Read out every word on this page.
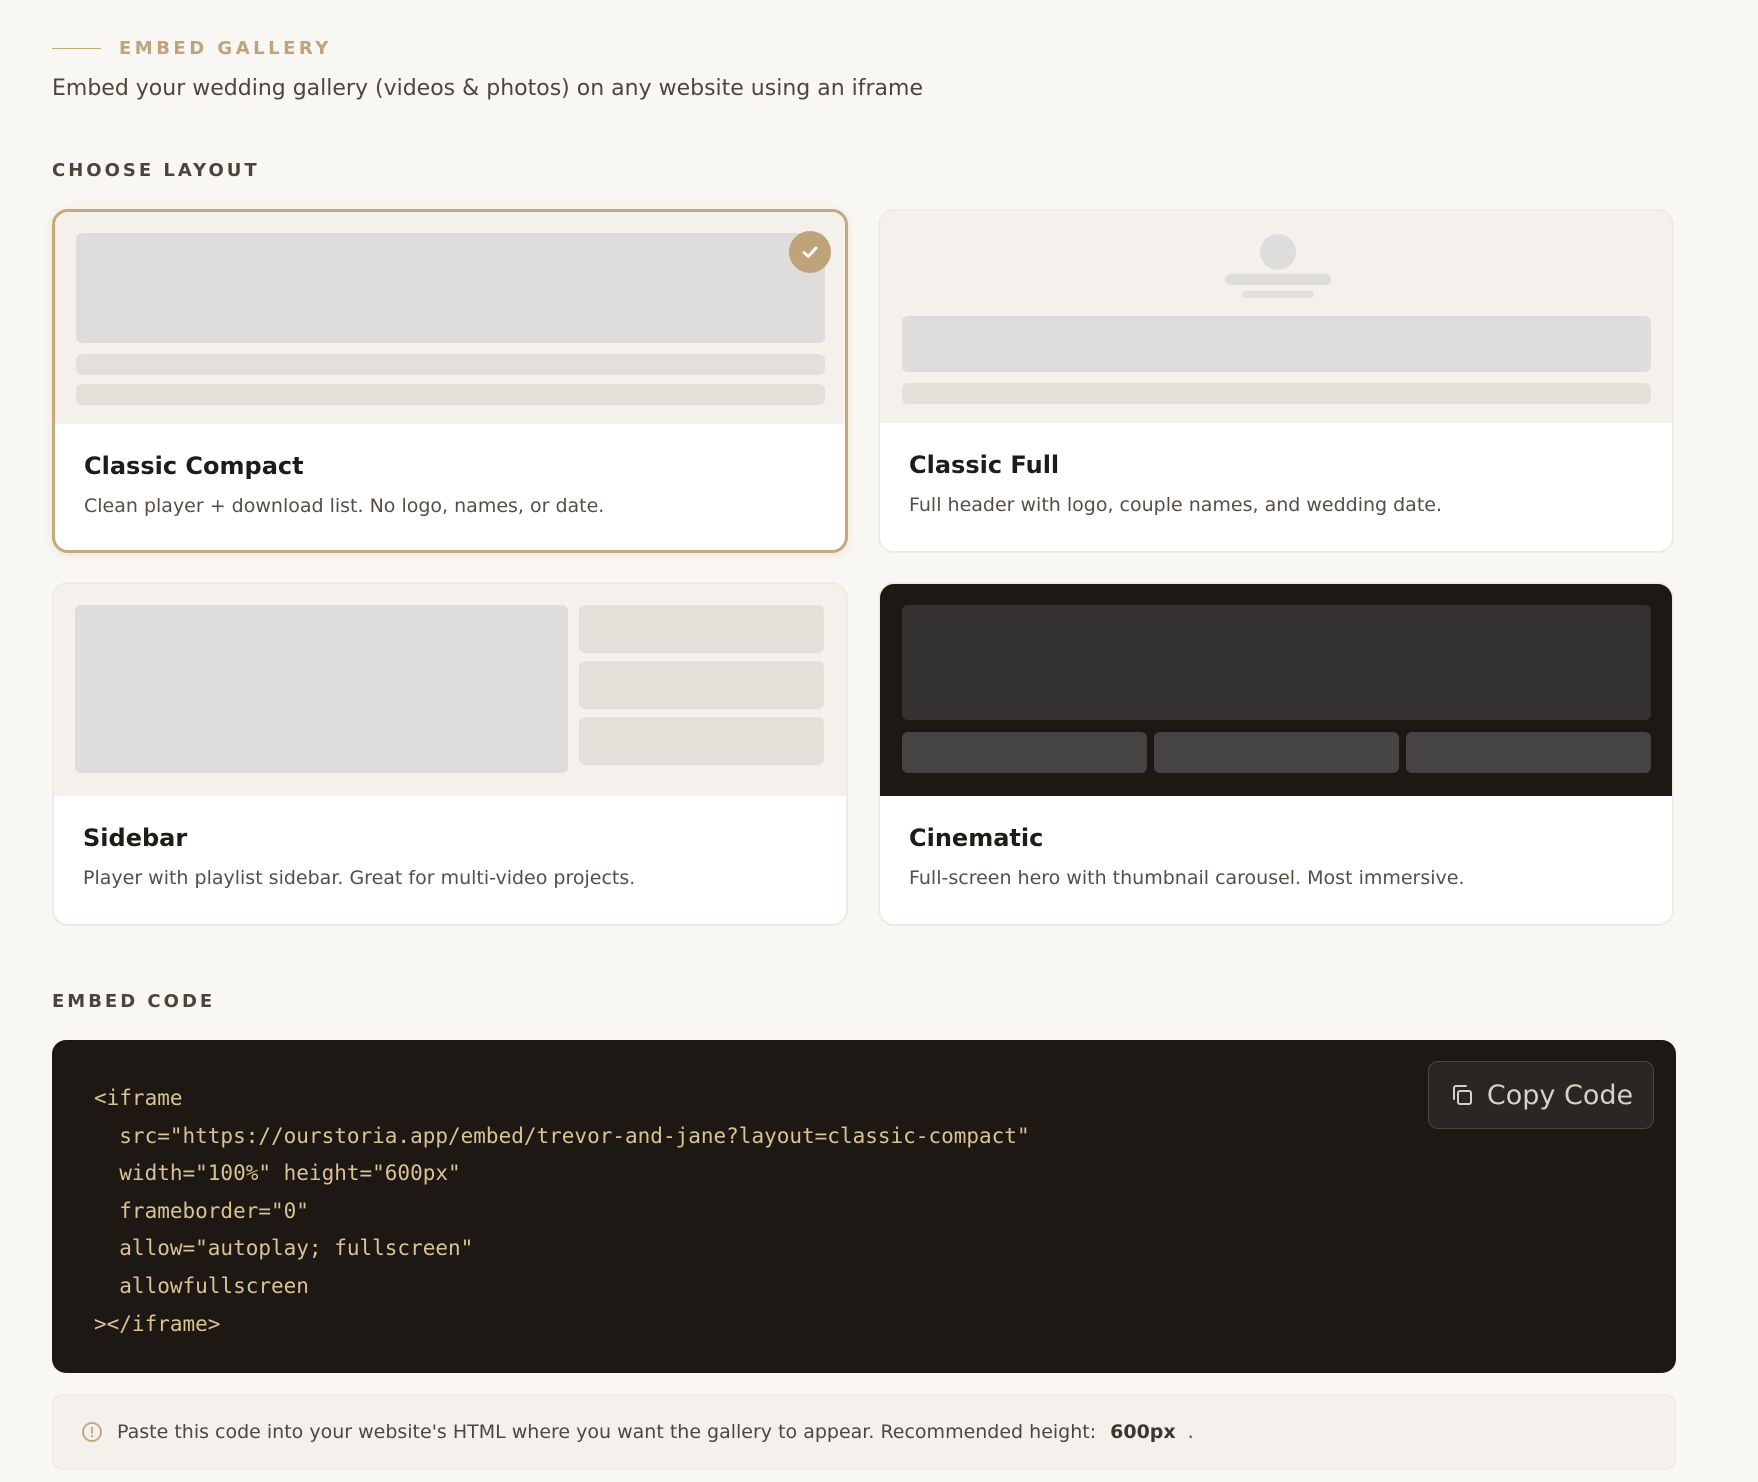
EMBED GALLERY
Embed your wedding gallery (videos & photos) on any website using an iframe
CHOOSE LAYOUT
Classic Compact
Clean player + download list. No logo, names, or date.
Classic Full
Full header with logo, couple names, and wedding date.
Sidebar
Player with playlist sidebar. Great for multi-video projects.
Cinematic
Full-screen hero with thumbnail carousel. Most immersive.
EMBED CODE
<iframe
src="https://ourstoria.app/embed/trevor-and-jane?layout=classic-compact"
width="100%" height="600px"
frameborder="0"
allow="autoplay; fullscreen"
allowfullscreen
></iframe>
Copy Code
Paste this code into your website's HTML where you want the gallery to appear. Recommended height: 600px .
